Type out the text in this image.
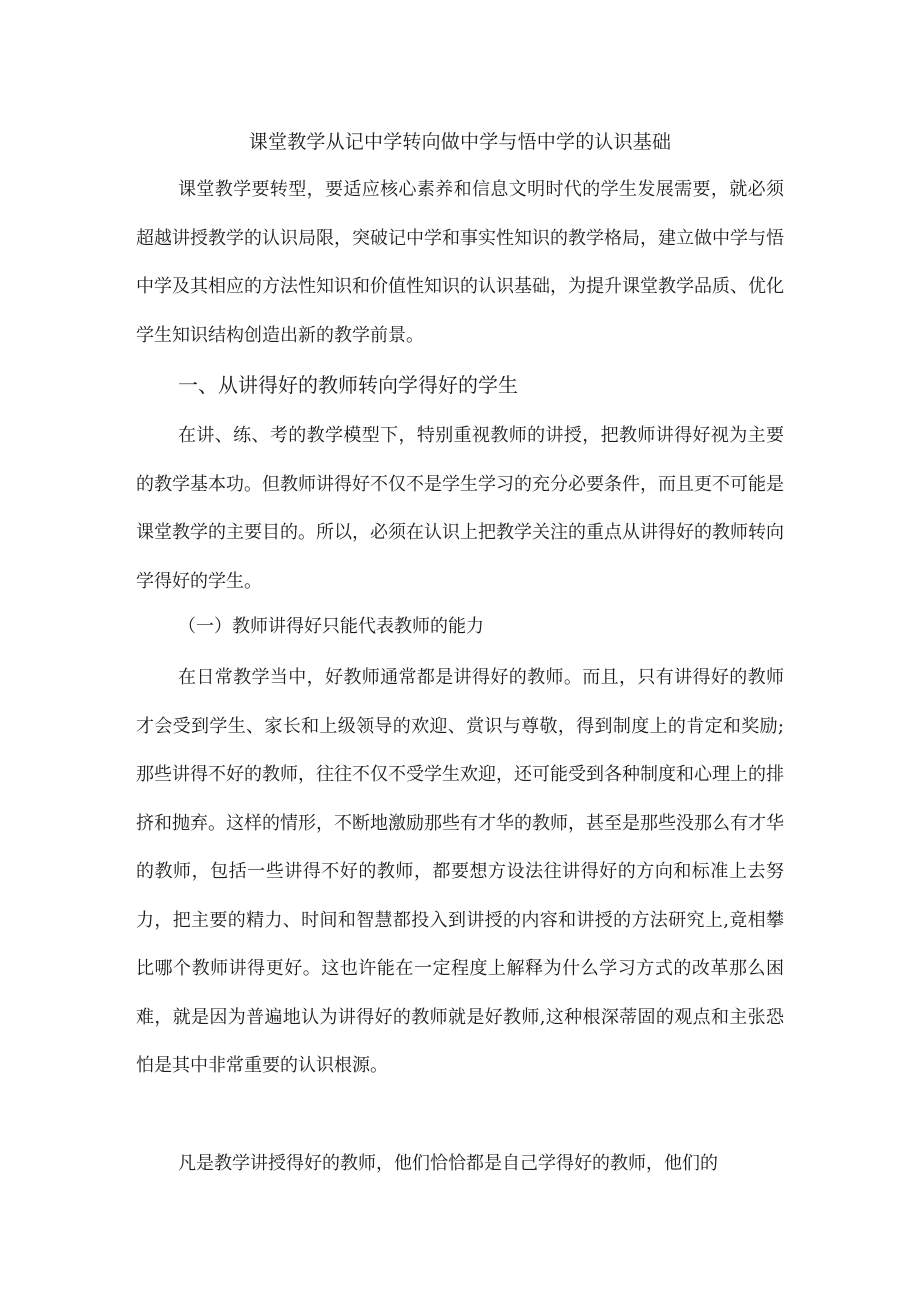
课堂教学从记中学转向做中学与悟中学的认识基础

课堂教学要转型，要适应核心素养和信息文明时代的学生发展需要，就必须超越讲授教学的认识局限，突破记中学和事实性知识的教学格局，建立做中学与悟中学及其相应的方法性知识和价值性知识的认识基础，为提升课堂教学品质、优化学生知识结构创造出新的教学前景。

一、从讲得好的教师转向学得好的学生

在讲、练、考的教学模型下，特别重视教师的讲授，把教师讲得好视为主要的教学基本功。但教师讲得好不仅不是学生学习的充分必要条件，而且更不可能是课堂教学的主要目的。所以，必须在认识上把教学关注的重点从讲得好的教师转向学得好的学生。

（一）教师讲得好只能代表教师的能力

在日常教学当中，好教师通常都是讲得好的教师。而且，只有讲得好的教师才会受到学生、家长和上级领导的欢迎、赏识与尊敬，得到制度上的肯定和奖励;那些讲得不好的教师，往往不仅不受学生欢迎，还可能受到各种制度和心理上的排挤和抛弃。这样的情形，不断地激励那些有才华的教师，甚至是那些没那么有才华的教师，包括一些讲得不好的教师，都要想方设法往讲得好的方向和标准上去努力，把主要的精力、时间和智慧都投入到讲授的内容和讲授的方法研究上,竟相攀比哪个教师讲得更好。这也许能在一定程度上解释为什么学习方式的改革那么困难，就是因为普遍地认为讲得好的教师就是好教师,这种根深蒂固的观点和主张恐怕是其中非常重要的认识根源。

凡是教学讲授得好的教师，他们恰恰都是自己学得好的教师，他们的
